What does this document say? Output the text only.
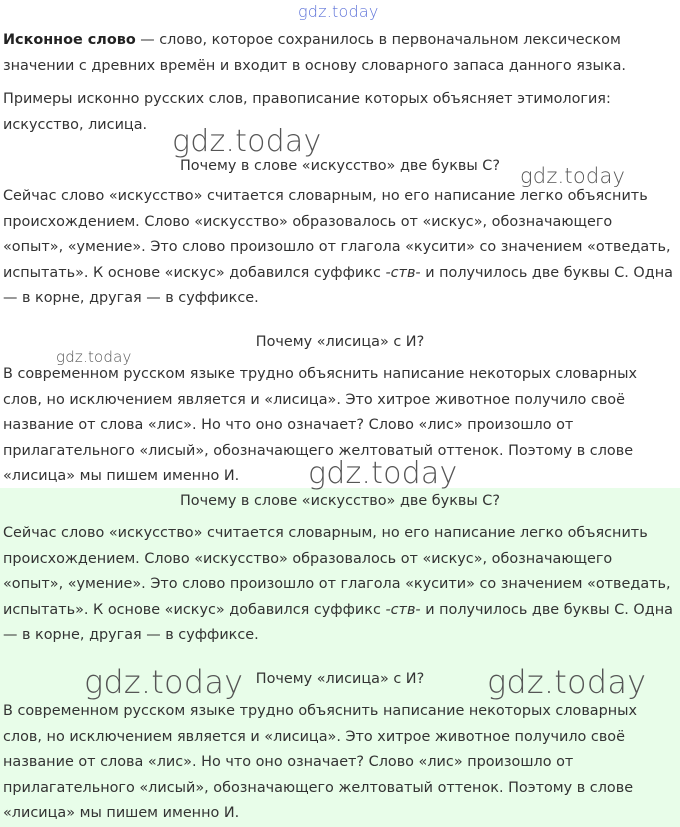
gdz.today

Исконное слово — слово, которое сохранилось в первоначальном лексическом значении с древних времён и входит в основу словарного запаса данного языка.

Примеры исконно русских слов, правописание которых объясняет этимология: искусство, лисица.

Почему в слове «искусство» две буквы С?

Сейчас слово «искусство» считается словарным, но его написание легко объяснить происхождением. Слово «искусство» образовалось от «искус», обозначающего «опыт», «умение». Это слово произошло от глагола «кусити» со значением «отведать, испытать». К основе «искус» добавился суффикс -ств- и получилось две буквы С. Одна — в корне, другая — в суффиксе.

Почему «лисица» с И?

В современном русском языке трудно объяснить написание некоторых словарных слов, но исключением является и «лисица». Это хитрое животное получило своё название от слова «лис». Но что оно означает? Слово «лис» произошло от прилагательного «лисый», обозначающего желтоватый оттенок. Поэтому в слове «лисица» мы пишем именно И.

Почему в слове «искусство» две буквы С?

Сейчас слово «искусство» считается словарным, но его написание легко объяснить происхождением. Слово «искусство» образовалось от «искус», обозначающего «опыт», «умение». Это слово произошло от глагола «кусити» со значением «отведать, испытать». К основе «искус» добавился суффикс -ств- и получилось две буквы С. Одна — в корне, другая — в суффиксе.

Почему «лисица» с И?

В современном русском языке трудно объяснить написание некоторых словарных слов, но исключением является и «лисица». Это хитрое животное получило своё название от слова «лис». Но что оно означает? Слово «лис» произошло от прилагательного «лисый», обозначающего желтоватый оттенок. Поэтому в слове «лисица» мы пишем именно И.

gdz.today
gdz.today
gdz.today
gdz.today
gdz.today	gdz.today
